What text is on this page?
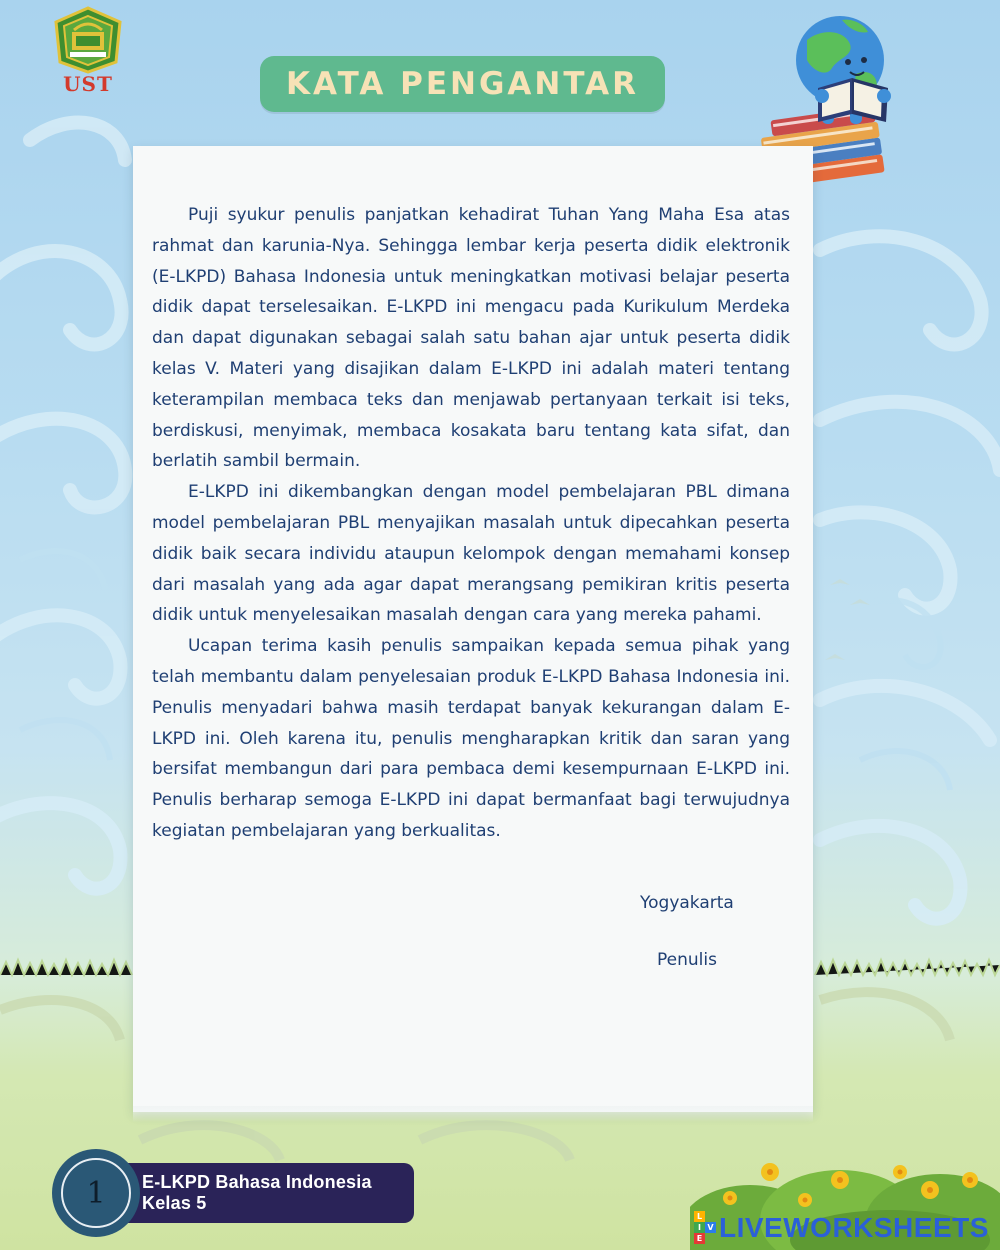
UST	KATA PENGANTAR

Puji syukur penulis panjatkan kehadirat Tuhan Yang Maha Esa atas rahmat dan karunia-Nya. Sehingga lembar kerja peserta didik elektronik (E-LKPD) Bahasa Indonesia untuk meningkatkan motivasi belajar peserta didik dapat terselesaikan. E-LKPD ini mengacu pada Kurikulum Merdeka dan dapat digunakan sebagai salah satu bahan ajar untuk peserta didik kelas V. Materi yang disajikan dalam E-LKPD ini adalah materi tentang keterampilan membaca teks dan menjawab pertanyaan terkait isi teks, berdiskusi, menyimak, membaca kosakata baru tentang kata sifat, dan berlatih sambil bermain.

E-LKPD ini dikembangkan dengan model pembelajaran PBL dimana model pembelajaran PBL menyajikan masalah untuk dipecahkan peserta didik baik secara individu ataupun kelompok dengan memahami konsep dari masalah yang ada agar dapat merangsang pemikiran kritis peserta didik untuk menyelesaikan masalah dengan cara yang mereka pahami.

Ucapan terima kasih penulis sampaikan kepada semua pihak yang telah membantu dalam penyelesaian produk E-LKPD Bahasa Indonesia ini. Penulis menyadari bahwa masih terdapat banyak kekurangan dalam E-LKPD ini. Oleh karena itu, penulis mengharapkan kritik dan saran yang bersifat membangun dari para pembaca demi kesempurnaan E-LKPD ini. Penulis berharap semoga E-LKPD ini dapat bermanfaat bagi terwujudnya kegiatan pembelajaran yang berkualitas.

Yogyakarta
Penulis
E-LKPD Bahasa Indonesia Kelas 5
1
L
I V
E LIVEWORKSHEETS
